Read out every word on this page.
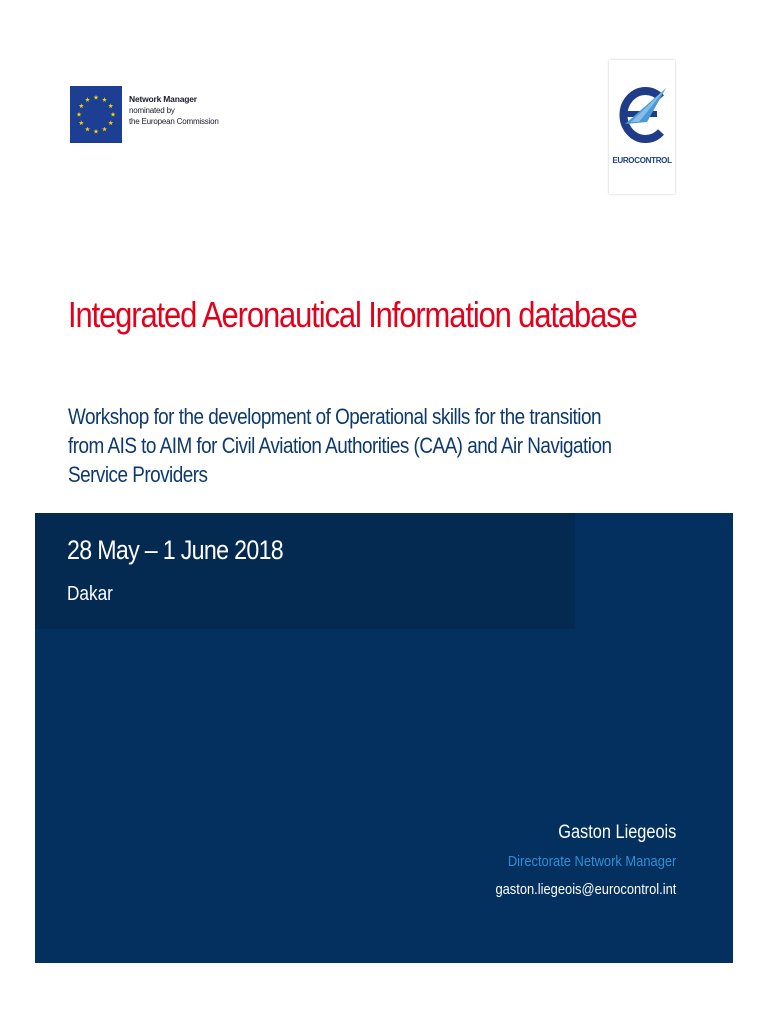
Network Manager
nominated by
the European Commission
EUROCONTROL
Integrated Aeronautical Information database
Workshop for the development of Operational skills for the transition
from AIS to AIM for Civil Aviation Authorities (CAA) and Air Navigation
Service Providers
28 May – 1 June 2018
Dakar
Gaston Liegeois
Directorate Network Manager
gaston.liegeois@eurocontrol.int
